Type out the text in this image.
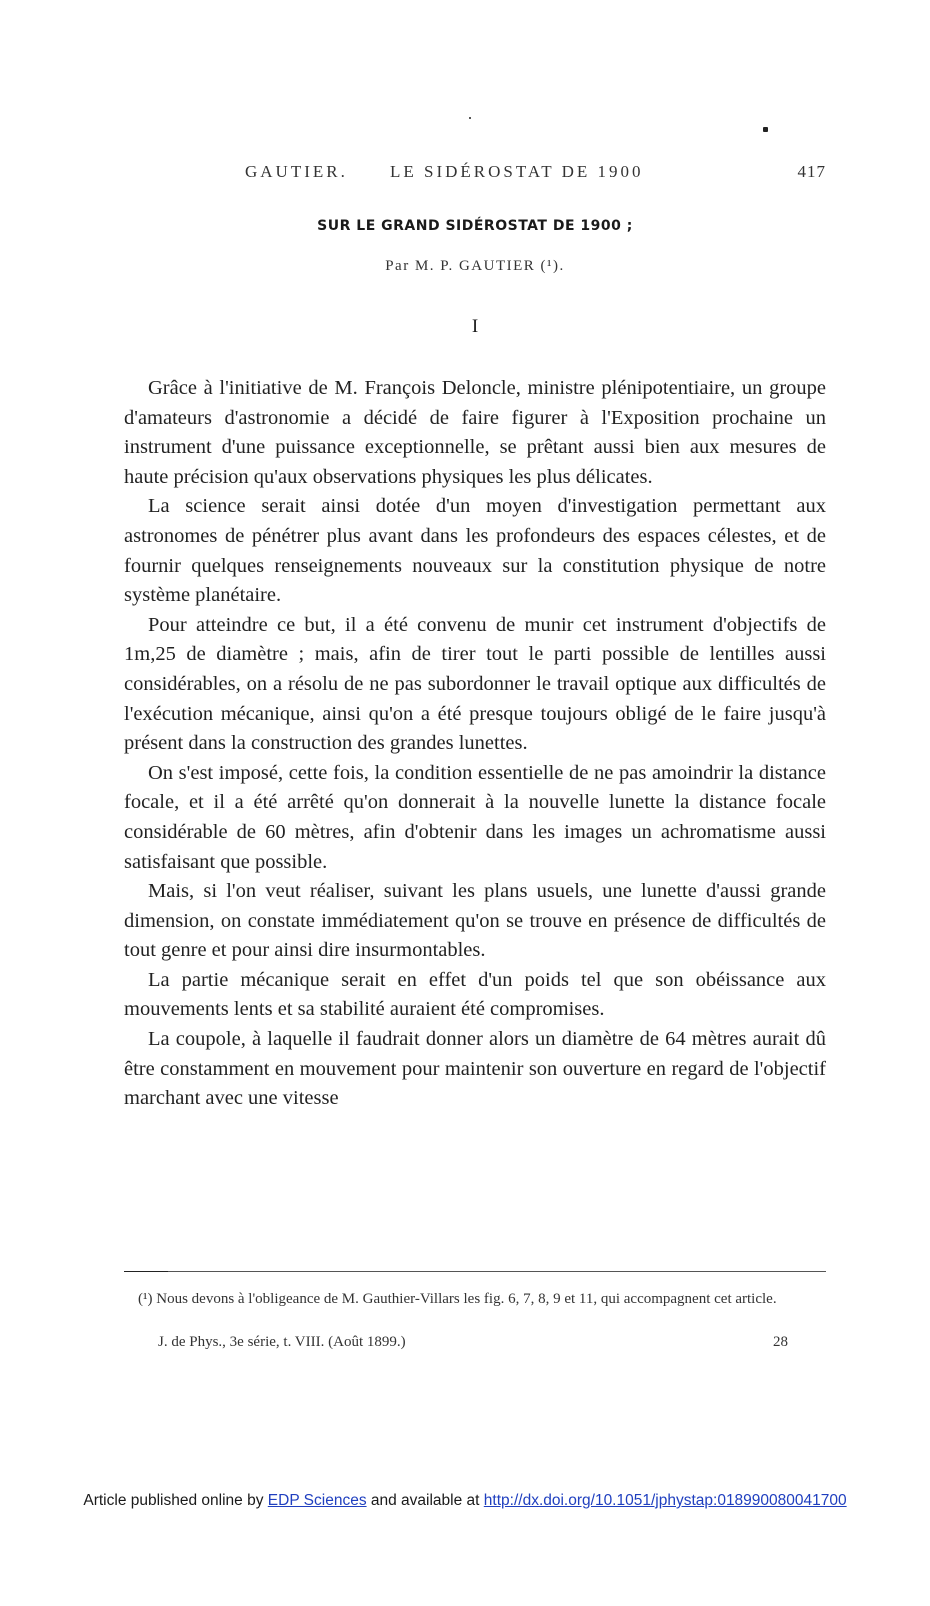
GAUTIER. LE SIDÉROSTAT DE 1900	417
SUR LE GRAND SIDÉROSTAT DE 1900 ;
Par M. P. GAUTIER (¹).
I

Grâce à l'initiative de M. François Deloncle, ministre plénipotentiaire, un groupe d'amateurs d'astronomie a décidé de faire figurer à l'Exposition prochaine un instrument d'une puissance exceptionnelle, se prêtant aussi bien aux mesures de haute précision qu'aux observations physiques les plus délicates.

La science serait ainsi dotée d'un moyen d'investigation permettant aux astronomes de pénétrer plus avant dans les profondeurs des espaces célestes, et de fournir quelques renseignements nouveaux sur la constitution physique de notre système planétaire.

Pour atteindre ce but, il a été convenu de munir cet instrument d'objectifs de 1m,25 de diamètre ; mais, afin de tirer tout le parti possible de lentilles aussi considérables, on a résolu de ne pas subordonner le travail optique aux difficultés de l'exécution mécanique, ainsi qu'on a été presque toujours obligé de le faire jusqu'à présent dans la construction des grandes lunettes.

On s'est imposé, cette fois, la condition essentielle de ne pas amoindrir la distance focale, et il a été arrêté qu'on donnerait à la nouvelle lunette la distance focale considérable de 60 mètres, afin d'obtenir dans les images un achromatisme aussi satisfaisant que possible.

Mais, si l'on veut réaliser, suivant les plans usuels, une lunette d'aussi grande dimension, on constate immédiatement qu'on se trouve en présence de difficultés de tout genre et pour ainsi dire insurmontables.

La partie mécanique serait en effet d'un poids tel que son obéissance aux mouvements lents et sa stabilité auraient été compromises.

La coupole, à laquelle il faudrait donner alors un diamètre de 64 mètres aurait dû être constamment en mouvement pour maintenir son ouverture en regard de l'objectif marchant avec une vitesse

(¹) Nous devons à l'obligeance de M. Gauthier-Villars les fig. 6, 7, 8, 9 et 11, qui accompagnent cet article.

J. de Phys., 3e série, t. VIII. (Août 1899.)	28
Article published online by EDP Sciences and available at http://dx.doi.org/10.1051/jphystap:018990080041700
